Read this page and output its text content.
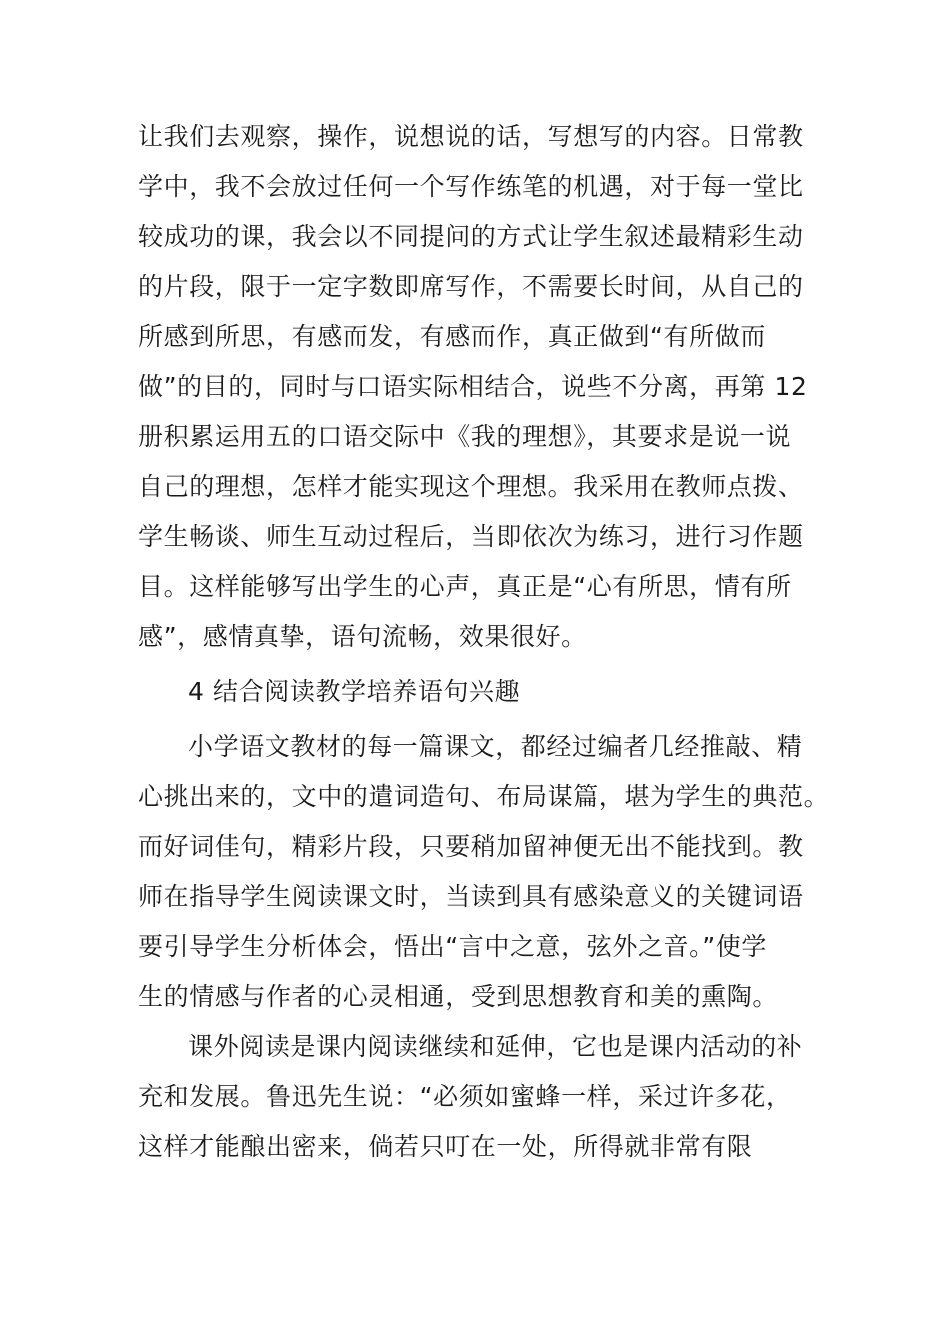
让我们去观察，操作，说想说的话，写想写的内容。日常教
学中，我不会放过任何一个写作练笔的机遇，对于每一堂比
较成功的课，我会以不同提问的方式让学生叙述最精彩生动
的片段，限于一定字数即席写作，不需要长时间，从自己的
所感到所思，有感而发，有感而作，真正做到“有所做而
做”的目的，同时与口语实际相结合，说些不分离，再第 12
册积累运用五的口语交际中《我的理想》，其要求是说一说
自己的理想，怎样才能实现这个理想。我采用在教师点拨、
学生畅谈、师生互动过程后，当即依次为练习，进行习作题
目。这样能够写出学生的心声，真正是“心有所思，情有所
感”，感情真挚，语句流畅，效果很好。
4 结合阅读教学培养语句兴趣
小学语文教材的每一篇课文，都经过编者几经推敲、精
心挑出来的，文中的遣词造句、布局谋篇，堪为学生的典范。
而好词佳句，精彩片段，只要稍加留神便无出不能找到。教
师在指导学生阅读课文时，当读到具有感染意义的关键词语
要引导学生分析体会，悟出“言中之意，弦外之音。”使学
生的情感与作者的心灵相通，受到思想教育和美的熏陶。
课外阅读是课内阅读继续和延伸，它也是课内活动的补
充和发展。鲁迅先生说：“必须如蜜蜂一样，采过许多花，
这样才能酿出密来，倘若只叮在一处，所得就非常有限
